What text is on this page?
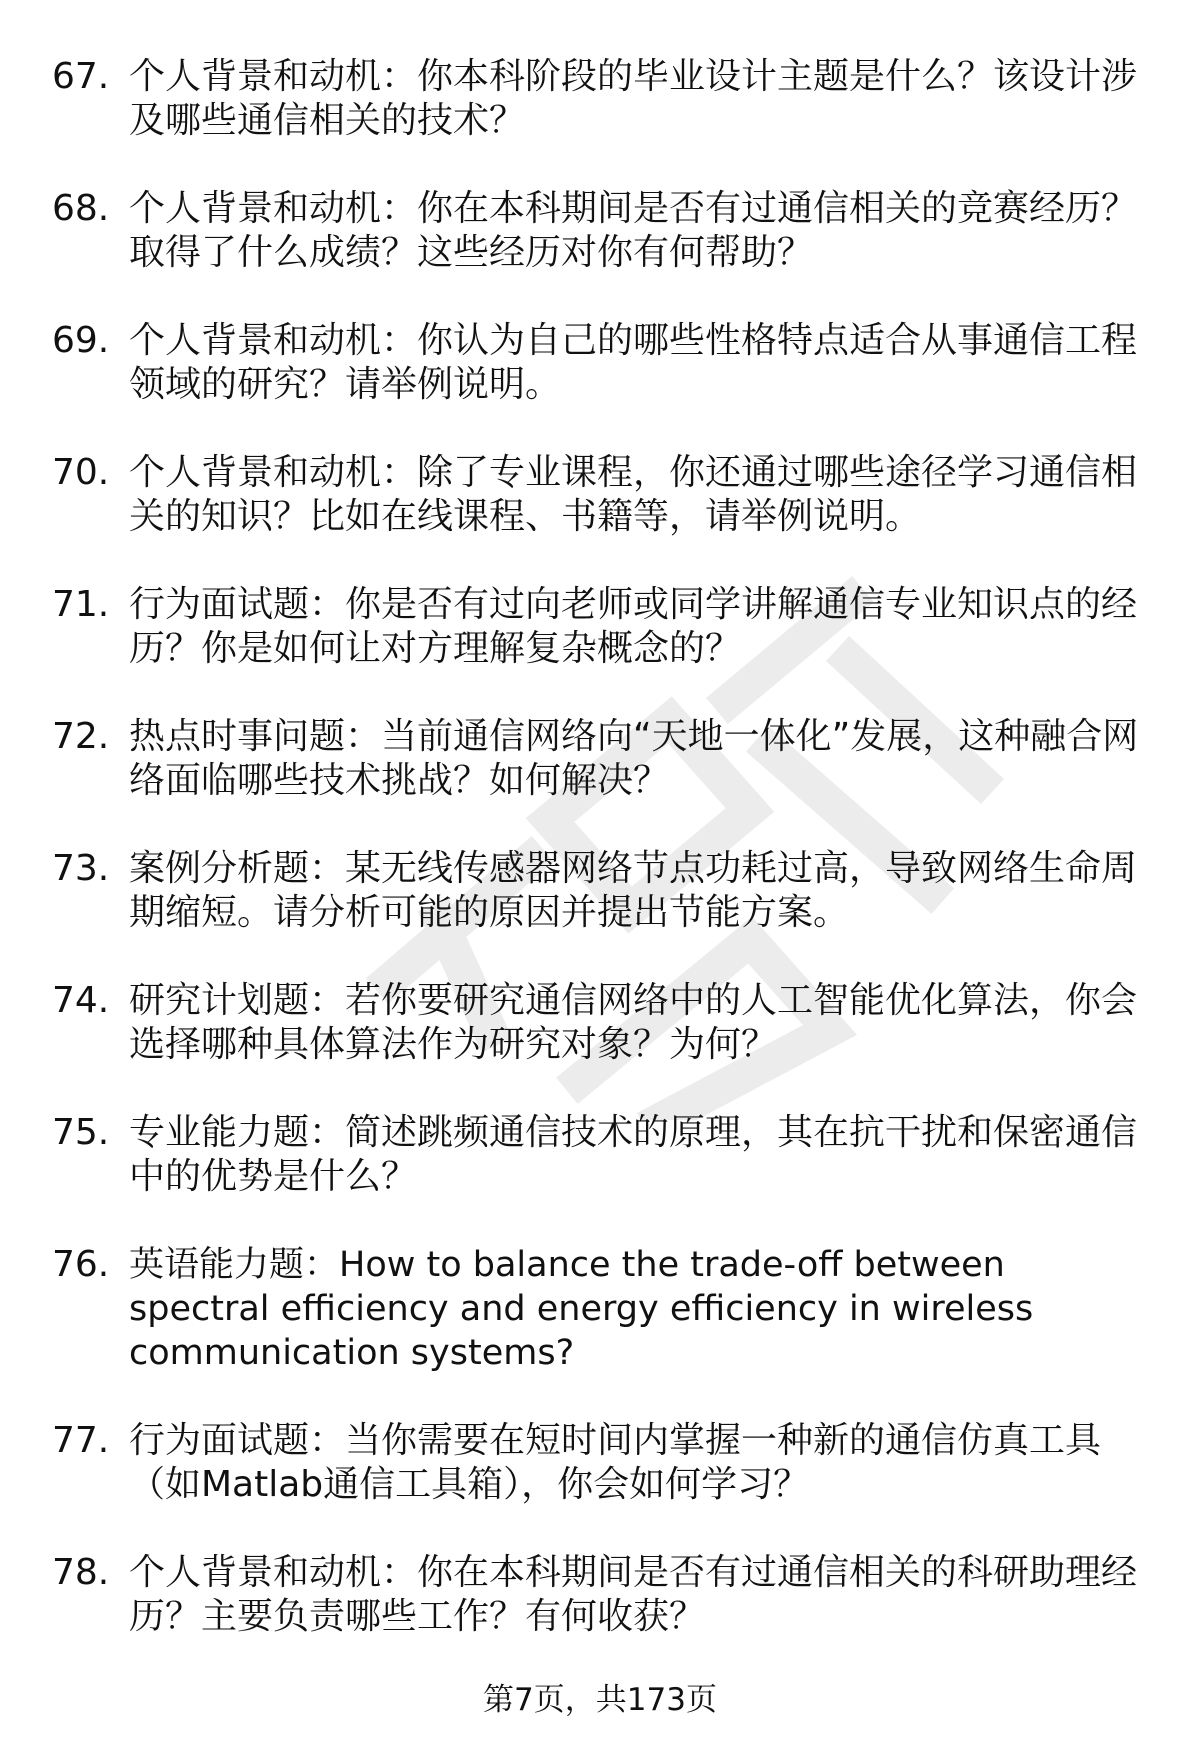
67. 个人背景和动机：你本科阶段的毕业设计主题是什么？该设计涉及哪些通信相关的技术？
68. 个人背景和动机：你在本科期间是否有过通信相关的竞赛经历？取得了什么成绩？这些经历对你有何帮助？
69. 个人背景和动机：你认为自己的哪些性格特点适合从事通信工程领域的研究？请举例说明。
70. 个人背景和动机：除了专业课程，你还通过哪些途径学习通信相关的知识？比如在线课程、书籍等，请举例说明。
71. 行为面试题：你是否有过向老师或同学讲解通信专业知识点的经历？你是如何让对方理解复杂概念的？
72. 热点时事问题：当前通信网络向“天地一体化”发展，这种融合网络面临哪些技术挑战？如何解决？
73. 案例分析题：某无线传感器网络节点功耗过高，导致网络生命周期缩短。请分析可能的原因并提出节能方案。
74. 研究计划题：若你要研究通信网络中的人工智能优化算法，你会选择哪种具体算法作为研究对象？为何？
75. 专业能力题：简述跳频通信技术的原理，其在抗干扰和保密通信中的优势是什么？
76. 英语能力题：How to balance the trade-off between spectral efficiency and energy efficiency in wireless communication systems?
77. 行为面试题：当你需要在短时间内掌握一种新的通信仿真工具（如Matlab通信工具箱），你会如何学习？
78. 个人背景和动机：你在本科期间是否有过通信相关的科研助理经历？主要负责哪些工作？有何收获？
第7页，共173页
